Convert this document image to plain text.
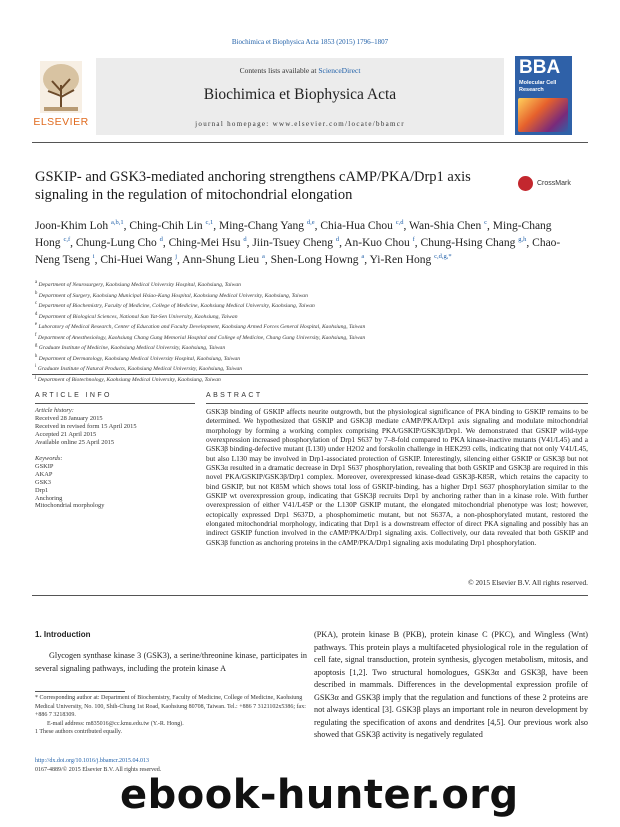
Biochimica et Biophysica Acta 1853 (2015) 1796–1807
ELSEVIER
Contents lists available at ScienceDirect
Biochimica et Biophysica Acta
journal homepage: www.elsevier.com/locate/bbamcr
BBA
Molecular Cell Research
GSKIP- and GSK3-mediated anchoring strengthens cAMP/PKA/Drp1 axis signaling in the regulation of mitochondrial elongation
CrossMark
Joon-Khim Loh $^{a,b,1}$, Ching-Chih Lin $^{c,1}$, Ming-Chang Yang $^{d,e}$, Chia-Hua Chou $^{c,d}$, Wan-Shia Chen $^c$, Ming-Chang Hong $^{c,f}$, Chung-Lung Cho $^d$, Ching-Mei Hsu $^d$, Jiin-Tsuey Cheng $^d$, An-Kuo Chou $^f$, Chung-Hsing Chang $^{g,h}$, Chao-Neng Tseng $^i$, Chi-Huei Wang $^j$, Ann-Shung Lieu $^a$, Shen-Long Howng $^a$, Yi-Ren Hong $^{c,d,g,*}$
$^a$ Department of Neurosurgery, Kaohsiung Medical University Hospital, Kaohsiung, Taiwan
$^b$ Department of Surgery, Kaohsiung Municipal Hsiao-Kang Hospital, Kaohsiung Medical University, Kaohsiung, Taiwan
$^c$ Department of Biochemistry, Faculty of Medicine, College of Medicine, Kaohsiung Medical University, Kaohsiung, Taiwan
$^d$ Department of Biological Sciences, National Sun Yat-Sen University, Kaohsiung, Taiwan
$^e$ Laboratory of Medical Research, Center of Education and Faculty Development, Kaohsiung Armed Forces General Hospital, Kaohsiung, Taiwan
$^f$ Department of Anesthesiology, Kaohsiung Chang Gung Memorial Hospital and College of Medicine, Chang Gung University, Kaohsiung, Taiwan
$^g$ Graduate Institute of Medicine, Kaohsiung Medical University, Kaohsiung, Taiwan
$^h$ Department of Dermatology, Kaohsiung Medical University Hospital, Kaohsiung, Taiwan
$^i$ Graduate Institute of Natural Products, Kaohsiung Medical University, Kaohsiung, Taiwan
$^j$ Department of Biotechnology, Kaohsiung Medical University, Kaohsiung, Taiwan
ARTICLE INFO
Article history:
Received 28 January 2015
Received in revised form 15 April 2015
Accepted 21 April 2015
Available online 25 April 2015
Keywords:
GSKIP
AKAP
GSK3
Drp1
Anchoring
Mitochondrial morphology
ABSTRACT
GSK3β binding of GSKIP affects neurite outgrowth, but the physiological significance of PKA binding to GSKIP remains to be determined. We hypothesized that GSKIP and GSK3β mediate cAMP/PKA/Drp1 axis signaling and modulate mitochondrial morphology by forming a working complex comprising PKA/GSKIP/GSK3β/Drp1. We demonstrated that GSKIP wild-type overexpression increased phosphorylation of Drp1 S637 by 7–8-fold compared to PKA kinase-inactive mutants (V41/L45) and a GSK3β binding-defective mutant (L130) under H2O2 and forskolin challenge in HEK293 cells, indicating that not only V41/L45, but also L130 may be involved in Drp1-associated protection of GSKIP. Interestingly, silencing either GSKIP or GSK3β but not GSK3α resulted in a dramatic decrease in Drp1 S637 phosphorylation, revealing that both GSKIP and GSK3β are required in this novel PKA/GSKIP/GSK3β/Drp1 complex. Moreover, overexpressed kinase-dead GSK3β-K85R, which retains the capacity to bind GSKIP, but not K85M which shows total loss of GSKIP-binding, has a higher Drp1 S637 phosphorylation similar to the GSKIP wt overexpression group, indicating that GSK3β recruits Drp1 by anchoring rather than in a kinase role. With further overexpression of either V41/L45P or the L130P GSKIP mutant, the elongated mitochondrial phenotype was lost; however, ectopically expressed Drp1 S637D, a phosphomimetic mutant, but not S637A, a non-phosphorylated mutant, restored the elongated mitochondrial morphology, indicating that Drp1 is a downstream effector of direct PKA signaling and possibly has an indirect GSKIP function involved in the cAMP/PKA/Drp1 signaling axis. Collectively, our data revealed that both GSKIP and GSK3β function as anchoring proteins in the cAMP/PKA/Drp1 signaling axis modulating Drp1 phosphorylation.
© 2015 Elsevier B.V. All rights reserved.
1. Introduction
Glycogen synthase kinase 3 (GSK3), a serine/threonine kinase, participates in several signaling pathways, including the protein kinase A
(PKA), protein kinase B (PKB), protein kinase C (PKC), and Wingless (Wnt) pathways. This protein plays a multifaceted physiological role in the regulation of cell fate, signal transduction, protein synthesis, glycogen metabolism, mitosis, and apoptosis [1,2]. Two structural homologues, GSK3α and GSK3β, have been described in mammals. Differences in the developmental expression profile of GSK3α and GSK3β imply that the regulation and functions of these 2 proteins are not always identical [3]. GSK3β plays an important role in neuron development by regulating the specification of axons and dendrites [4,5]. Our previous work also showed that GSK3β activity is negatively regulated
* Corresponding author at: Department of Biochemistry, Faculty of Medicine, College of Medicine, Kaohsiung Medical University, No. 100, Shih-Chung 1st Road, Kaohsiung 80708, Taiwan. Tel.: +886 7 3121102x5386; fax: +886 7 3218309.
E-mail address: m835016@cc.kmu.edu.tw (Y.-R. Hong).
1 These authors contributed equally.
http://dx.doi.org/10.1016/j.bbamcr.2015.04.013
0167-4889/© 2015 Elsevier B.V. All rights reserved.
ebook-hunter.org
